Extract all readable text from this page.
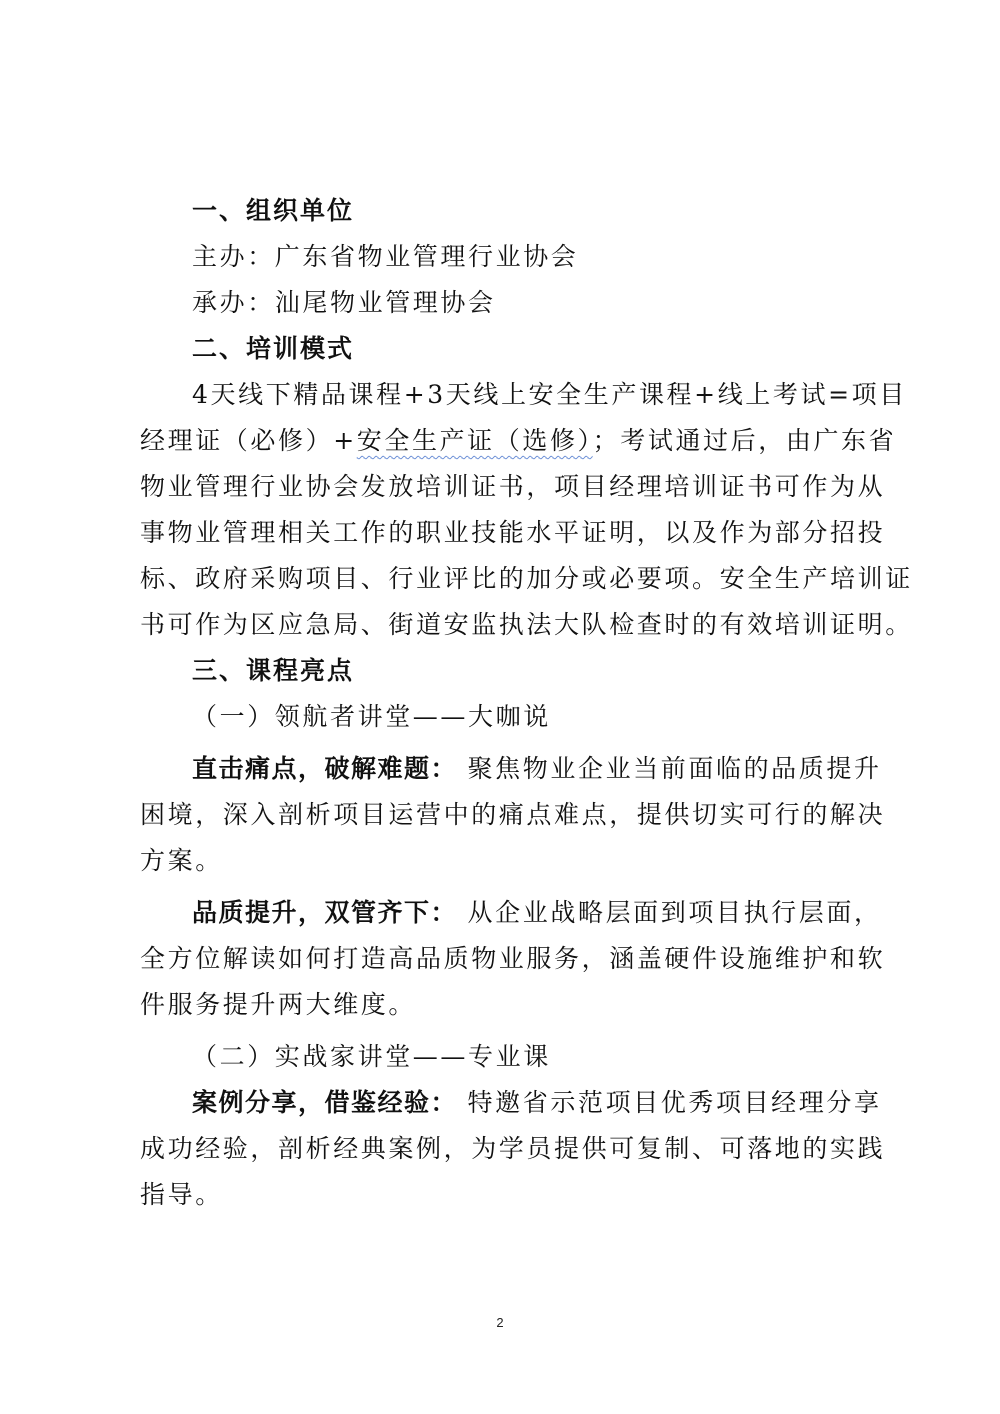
一、组织单位
主办：广东省物业管理行业协会
承办：汕尾物业管理协会
二、培训模式
4天线下精品课程+3天线上安全生产课程+线上考试=项目
经理证（必修）+安全生产证（选修）；考试通过后，由广东省
物业管理行业协会发放培训证书，项目经理培训证书可作为从
事物业管理相关工作的职业技能水平证明，以及作为部分招投
标、政府采购项目、行业评比的加分或必要项。安全生产培训证
书可作为区应急局、街道安监执法大队检查时的有效培训证明。
三、课程亮点
（一）领航者讲堂——大咖说
直击痛点，破解难题： 聚焦物业企业当前面临的品质提升
困境，深入剖析项目运营中的痛点难点，提供切实可行的解决
方案。
品质提升，双管齐下： 从企业战略层面到项目执行层面，
全方位解读如何打造高品质物业服务，涵盖硬件设施维护和软
件服务提升两大维度。
（二）实战家讲堂——专业课
案例分享，借鉴经验： 特邀省示范项目优秀项目经理分享
成功经验，剖析经典案例，为学员提供可复制、可落地的实践
指导。
2
